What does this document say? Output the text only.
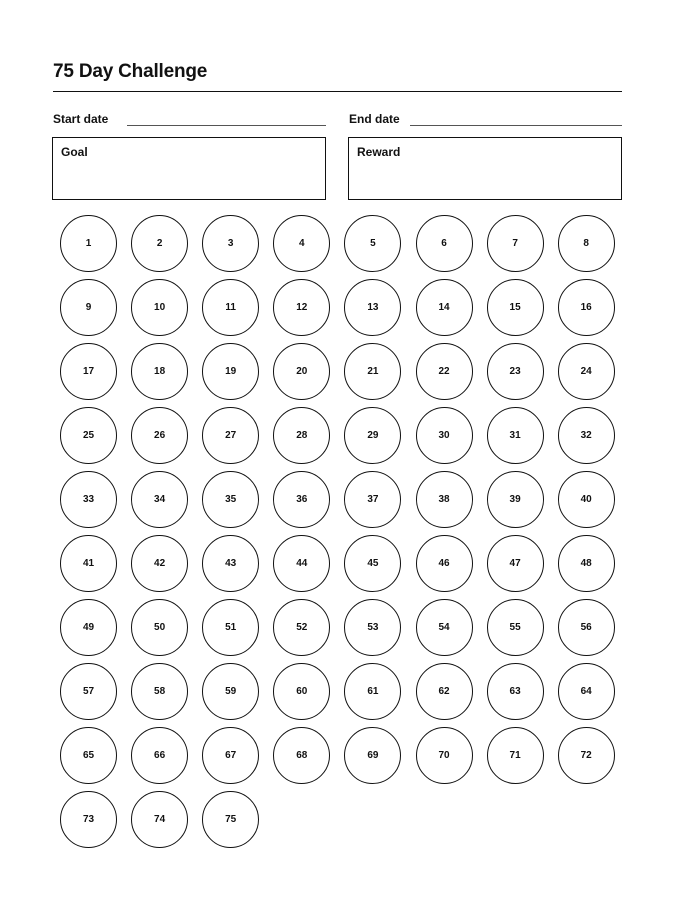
75 Day Challenge
Start date	End date
Goal	Reward
1	2	3	4	5	6	7	8
9	10	11	12	13	14	15	16
17	18	19	20	21	22	23	24
25	26	27	28	29	30	31	32
33	34	35	36	37	38	39	40
41	42	43	44	45	46	47	48
49	50	51	52	53	54	55	56
57	58	59	60	61	62	63	64
65	66	67	68	69	70	71	72
73	74	75
